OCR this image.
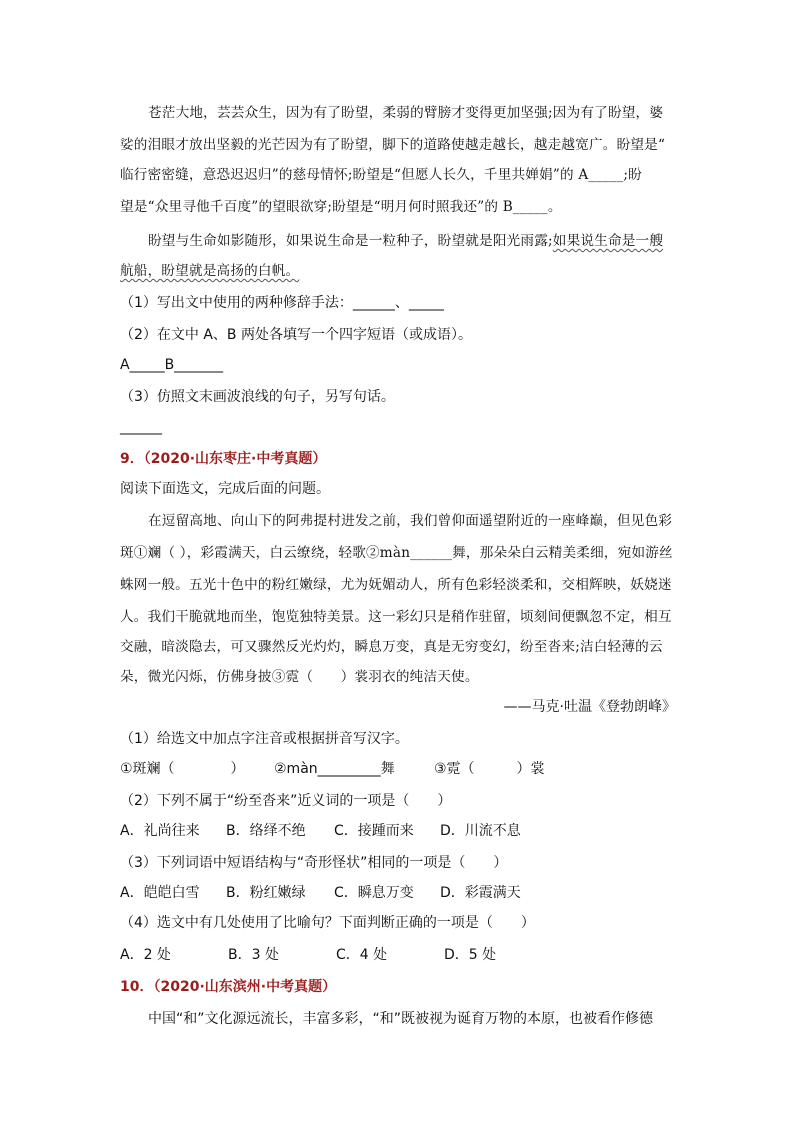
苍茫大地，芸芸众生，因为有了盼望，柔弱的臂膀才变得更加坚强;因为有了盼望，婆
娑的泪眼才放出坚毅的光芒因为有了盼望，脚下的道路使越走越长，越走越宽广。盼望是“
临行密密缝，意恐迟迟归”的慈母情怀;盼望是“但愿人长久，千里共婵娟”的 A_____;盼
望是“众里寻他千百度”的望眼欲穿;盼望是“明月何时照我还”的 B_____。
盼望与生命如影随形，如果说生命是一粒种子，盼望就是阳光雨露;如果说生命是一艘
航船，盼望就是高扬的白帆。
（1）写出文中使用的两种修辞手法：______、_____
（2）在文中 A、B 两处各填写一个四字短语（或成语）。
A_____B_______
（3）仿照文末画波浪线的句子，另写句话。
______
9．（2020·山东枣庄·中考真题）
阅读下面选文，完成后面的问题。
在逗留高地、向山下的阿弗提村进发之前，我们曾仰面遥望附近的一座峰巅，但见色彩
斑①斓（ ），彩霞满天，白云缭绕，轻歌②màn______舞，那朵朵白云精美柔细，宛如游丝
蛛网一般。五光十色中的粉红嫩绿，尤为妩媚动人，所有色彩轻淡柔和，交相辉映，妖娆迷
人。我们干脆就地而坐，饱览独特美景。这一彩幻只是稍作驻留，顷刻间便飘忽不定，相互
交融，暗淡隐去，可又骤然反光灼灼，瞬息万变，真是无穷变幻，纷至沓来;洁白轻薄的云
朵，微光闪烁，仿佛身披③霓（　　）裳羽衣的纯洁天使。
——马克·吐温《登勃朗峰》
（1）给选文中加点字注音或根据拼音写汉字。
①斑斓（　　　　） ②màn_________舞	③霓（　　　）裳
（2）下列不属于“纷至沓来”近义词的一项是（　　）
A．礼尚往来 B．络绎不绝 C．接踵而来 D．川流不息
（3）下列词语中短语结构与“奇形怪状”相同的一项是（　　）
A．皑皑白雪 B．粉红嫩绿 C．瞬息万变 D．彩霞满天
（4）选文中有几处使用了比喻句？下面判断正确的一项是（　　）
A．2 处	B．3 处	C．4 处	D．5 处
10．（2020·山东滨州·中考真题）
中国“和”文化源远流长，丰富多彩，“和”既被视为诞育万物的本原，也被看作修德
